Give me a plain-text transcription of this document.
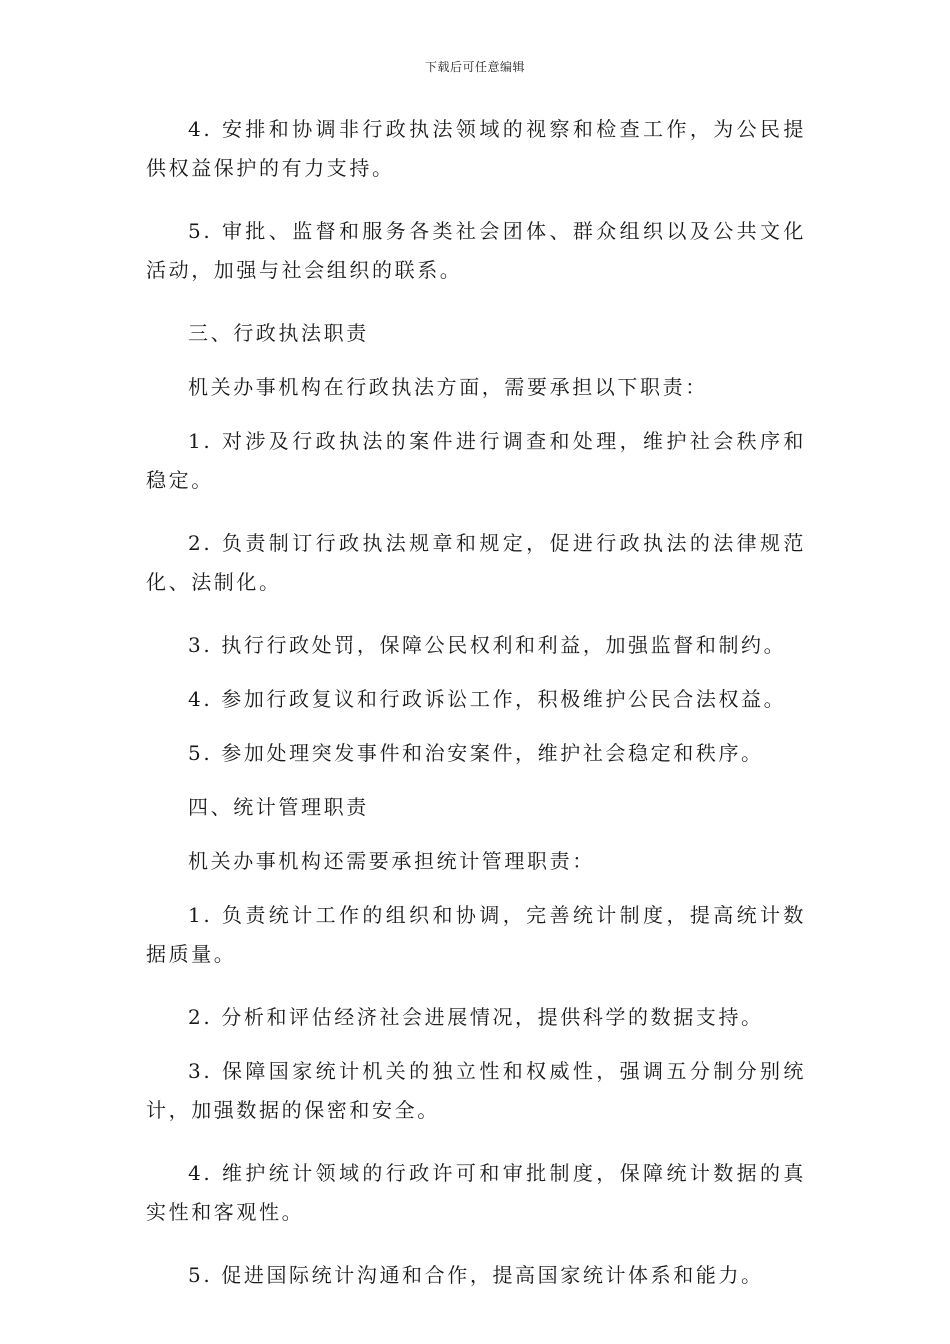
下载后可任意编辑

4. 安排和协调非行政执法领域的视察和检查工作，为公民提供权益保护的有力支持。

5. 审批、监督和服务各类社会团体、群众组织以及公共文化活动，加强与社会组织的联系。

三、行政执法职责

机关办事机构在行政执法方面，需要承担以下职责：

1. 对涉及行政执法的案件进行调查和处理，维护社会秩序和稳定。

2. 负责制订行政执法规章和规定，促进行政执法的法律规范化、法制化。

3. 执行行政处罚，保障公民权利和利益，加强监督和制约。

4. 参加行政复议和行政诉讼工作，积极维护公民合法权益。

5. 参加处理突发事件和治安案件，维护社会稳定和秩序。

四、统计管理职责

机关办事机构还需要承担统计管理职责：

1. 负责统计工作的组织和协调，完善统计制度，提高统计数据质量。

2. 分析和评估经济社会进展情况，提供科学的数据支持。

3. 保障国家统计机关的独立性和权威性，强调五分制分别统计，加强数据的保密和安全。

4. 维护统计领域的行政许可和审批制度，保障统计数据的真实性和客观性。

5. 促进国际统计沟通和合作，提高国家统计体系和能力。
